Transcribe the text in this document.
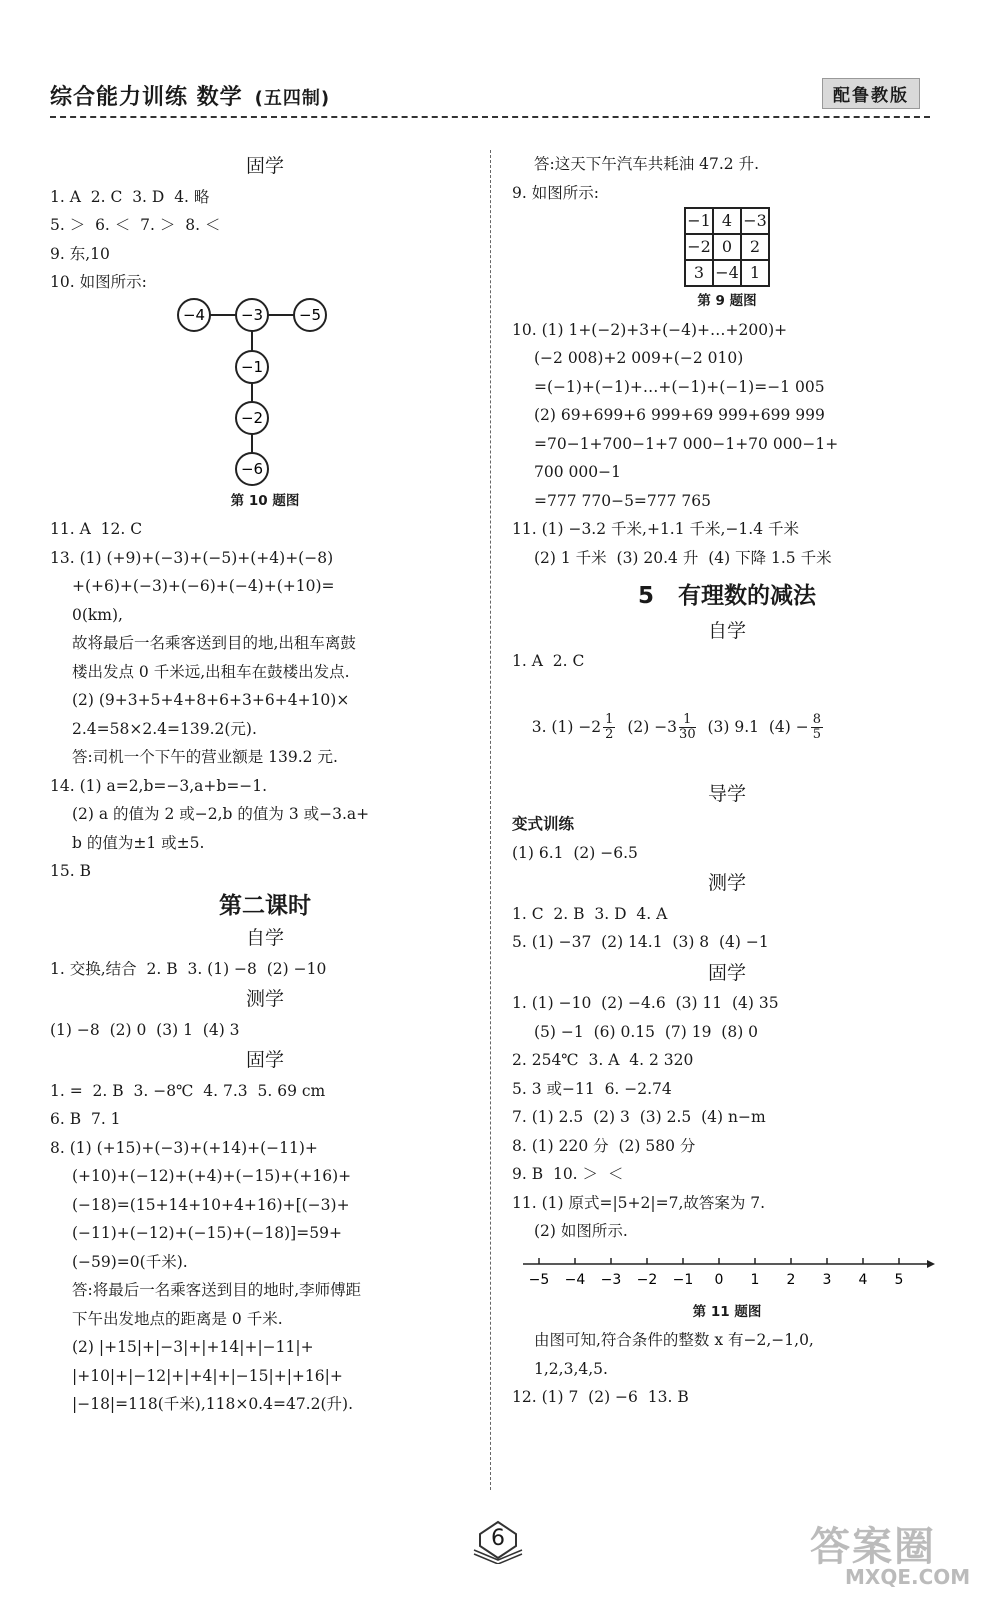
综合能力训练 数学 (五四制)	配鲁教版
固学
1. A  2. C  3. D  4. 略
5. ＞  6. ＜  7. ＞  8. ＜
9. 东,10
10. 如图所示:
−4 −3 −5
−1
−2
−6
第 10 题图
11. A  12. C
13. (1) (+9)+(−3)+(−5)+(+4)+(−8)
+(+6)+(−3)+(−6)+(−4)+(+10)=
0(km),
故将最后一名乘客送到目的地,出租车离鼓
楼出发点 0 千米远,出租车在鼓楼出发点.
(2) (9+3+5+4+8+6+3+6+4+10)×
2.4=58×2.4=139.2(元).
答:司机一个下午的营业额是 139.2 元.
14. (1) a=2,b=−3,a+b=−1.
(2) a 的值为 2 或−2,b 的值为 3 或−3.a+
b 的值为±1 或±5.
15. B
第二课时
自学
1. 交换,结合  2. B  3. (1) −8  (2) −10
测学
(1) −8  (2) 0  (3) 1  (4) 3
固学
1. =  2. B  3. −8℃  4. 7.3  5. 69 cm
6. B  7. 1
8. (1) (+15)+(−3)+(+14)+(−11)+
(+10)+(−12)+(+4)+(−15)+(+16)+
(−18)=(15+14+10+4+16)+[(−3)+
(−11)+(−12)+(−15)+(−18)]=59+
(−59)=0(千米).
答:将最后一名乘客送到目的地时,李师傅距
下午出发地点的距离是 0 千米.
(2) |+15|+|−3|+|+14|+|−11|+
|+10|+|−12|+|+4|+|−15|+|+16|+
|−18|=118(千米),118×0.4=47.2(升).
答:这天下午汽车共耗油 47.2 升.
9. 如图所示:
−1	4	−3
−2	0	2
3	−4	1
第 9 题图
10. (1) 1+(−2)+3+(−4)+…+200)+
(−2 008)+2 009+(−2 010)
=(−1)+(−1)+…+(−1)+(−1)=−1 005
(2) 69+699+6 999+69 999+699 999
=70−1+700−1+7 000−1+70 000−1+
700 000−1
=777 770−5=777 765
11. (1) −3.2 千米,+1.1 千米,−1.4 千米
(2) 1 千米  (3) 20.4 升  (4) 下降 1.5 千米
5 有理数的减法
自学
1. A  2. C

3. $(1) -2 \frac{1}{2} (2) -3 \frac{1}{30} (3)$ 9.1  $(4) - \frac{8}{5}$

导学
变式训练
(1) 6.1  (2) −6.5
测学
1. C  2. B  3. D  4. A
5. (1) −37  (2) 14.1  (3) 8  (4) −1
固学
1. (1) −10  (2) −4.6  (3) 11  (4) 35
(5) −1  (6) 0.15  (7) 19  (8) 0
2. 254℃  3. A  4. 2 320
5. 3 或−11  6. −2.74
7. (1) 2.5  (2) 3  (3) 2.5  (4) n−m
8. (1) 220 分  (2) 580 分
9. B  10. ＞  ＜
11. (1) 原式=|5+2|=7,故答案为 7.
(2) 如图所示.
−5 −4 −3 −2 −1 0 1 2 3 4 5
第 11 题图
由图可知,符合条件的整数 x 有−2,−1,0,
1,2,3,4,5.
12. (1) 7  (2) −6  13. B
6	答案圈
MXQE.COM
